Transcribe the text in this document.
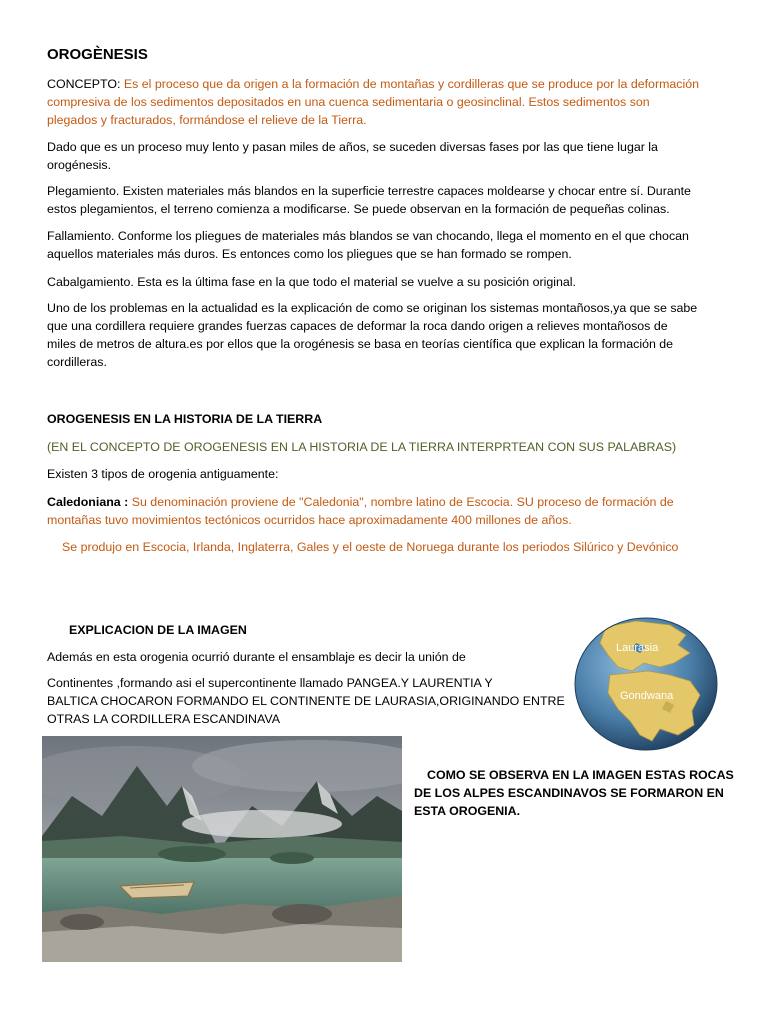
OROGÈNESIS
CONCEPTO: Es el proceso que da origen a la formación de montañas y cordilleras que se produce por la deformación
compresiva de los sedimentos depositados en una cuenca sedimentaria o geosinclinal. Estos sedimentos son
plegados y fracturados, formándose el relieve de la Tierra.
Dado que es un proceso muy lento y pasan miles de años, se suceden diversas fases por las que tiene lugar la
orogénesis.
Plegamiento. Existen materiales más blandos en la superficie terrestre capaces moldearse y chocar entre sí. Durante
estos plegamientos, el terreno comienza a modificarse. Se puede observan en la formación de pequeñas colinas.
Fallamiento. Conforme los pliegues de materiales más blandos se van chocando, llega el momento en el que chocan
aquellos materiales más duros. Es entonces como los pliegues que se han formado se rompen.
Cabalgamiento. Esta es la última fase en la que todo el material se vuelve a su posición original.
Uno de los problemas en la actualidad es la explicación de como se originan los sistemas montañosos,ya que se sabe
que una cordillera requiere grandes fuerzas capaces de deformar la roca dando origen a relieves montañosos de
miles de metros de altura.es por ellos que la orogénesis se basa en teorías científica que explican la formación de
cordilleras.
OROGENESIS EN LA HISTORIA DE LA TIERRA
(EN EL CONCEPTO DE OROGENESIS EN LA HISTORIA DE LA TIERRA INTERPRTEAN CON SUS PALABRAS)
Existen 3 tipos de orogenia antiguamente:
Caledoniana : Su denominación proviene de "Caledonia", nombre latino de Escocia. SU proceso de formación de
montañas tuvo movimientos tectónicos ocurridos hace aproximadamente 400 millones de años.
Se produjo en Escocia, Irlanda, Inglaterra, Gales y el oeste de Noruega durante los periodos Silúrico y Devónico
EXPLICACION DE LA IMAGEN
Además en esta orogenia ocurrió durante el ensamblaje es decir la unión de
Continentes ,formando asi el supercontinente llamado PANGEA.Y LAURENTIA Y
BALTICA CHOCARON FORMANDO EL CONTINENTE DE LAURASIA,ORIGINANDO ENTRE
OTRAS LA CORDILLERA ESCANDINAVA
Laurasia
Gondwana
COMO SE OBSERVA EN LA IMAGEN ESTAS ROCAS
DE LOS ALPES ESCANDINAVOS SE FORMARON EN
ESTA OROGENIA.
